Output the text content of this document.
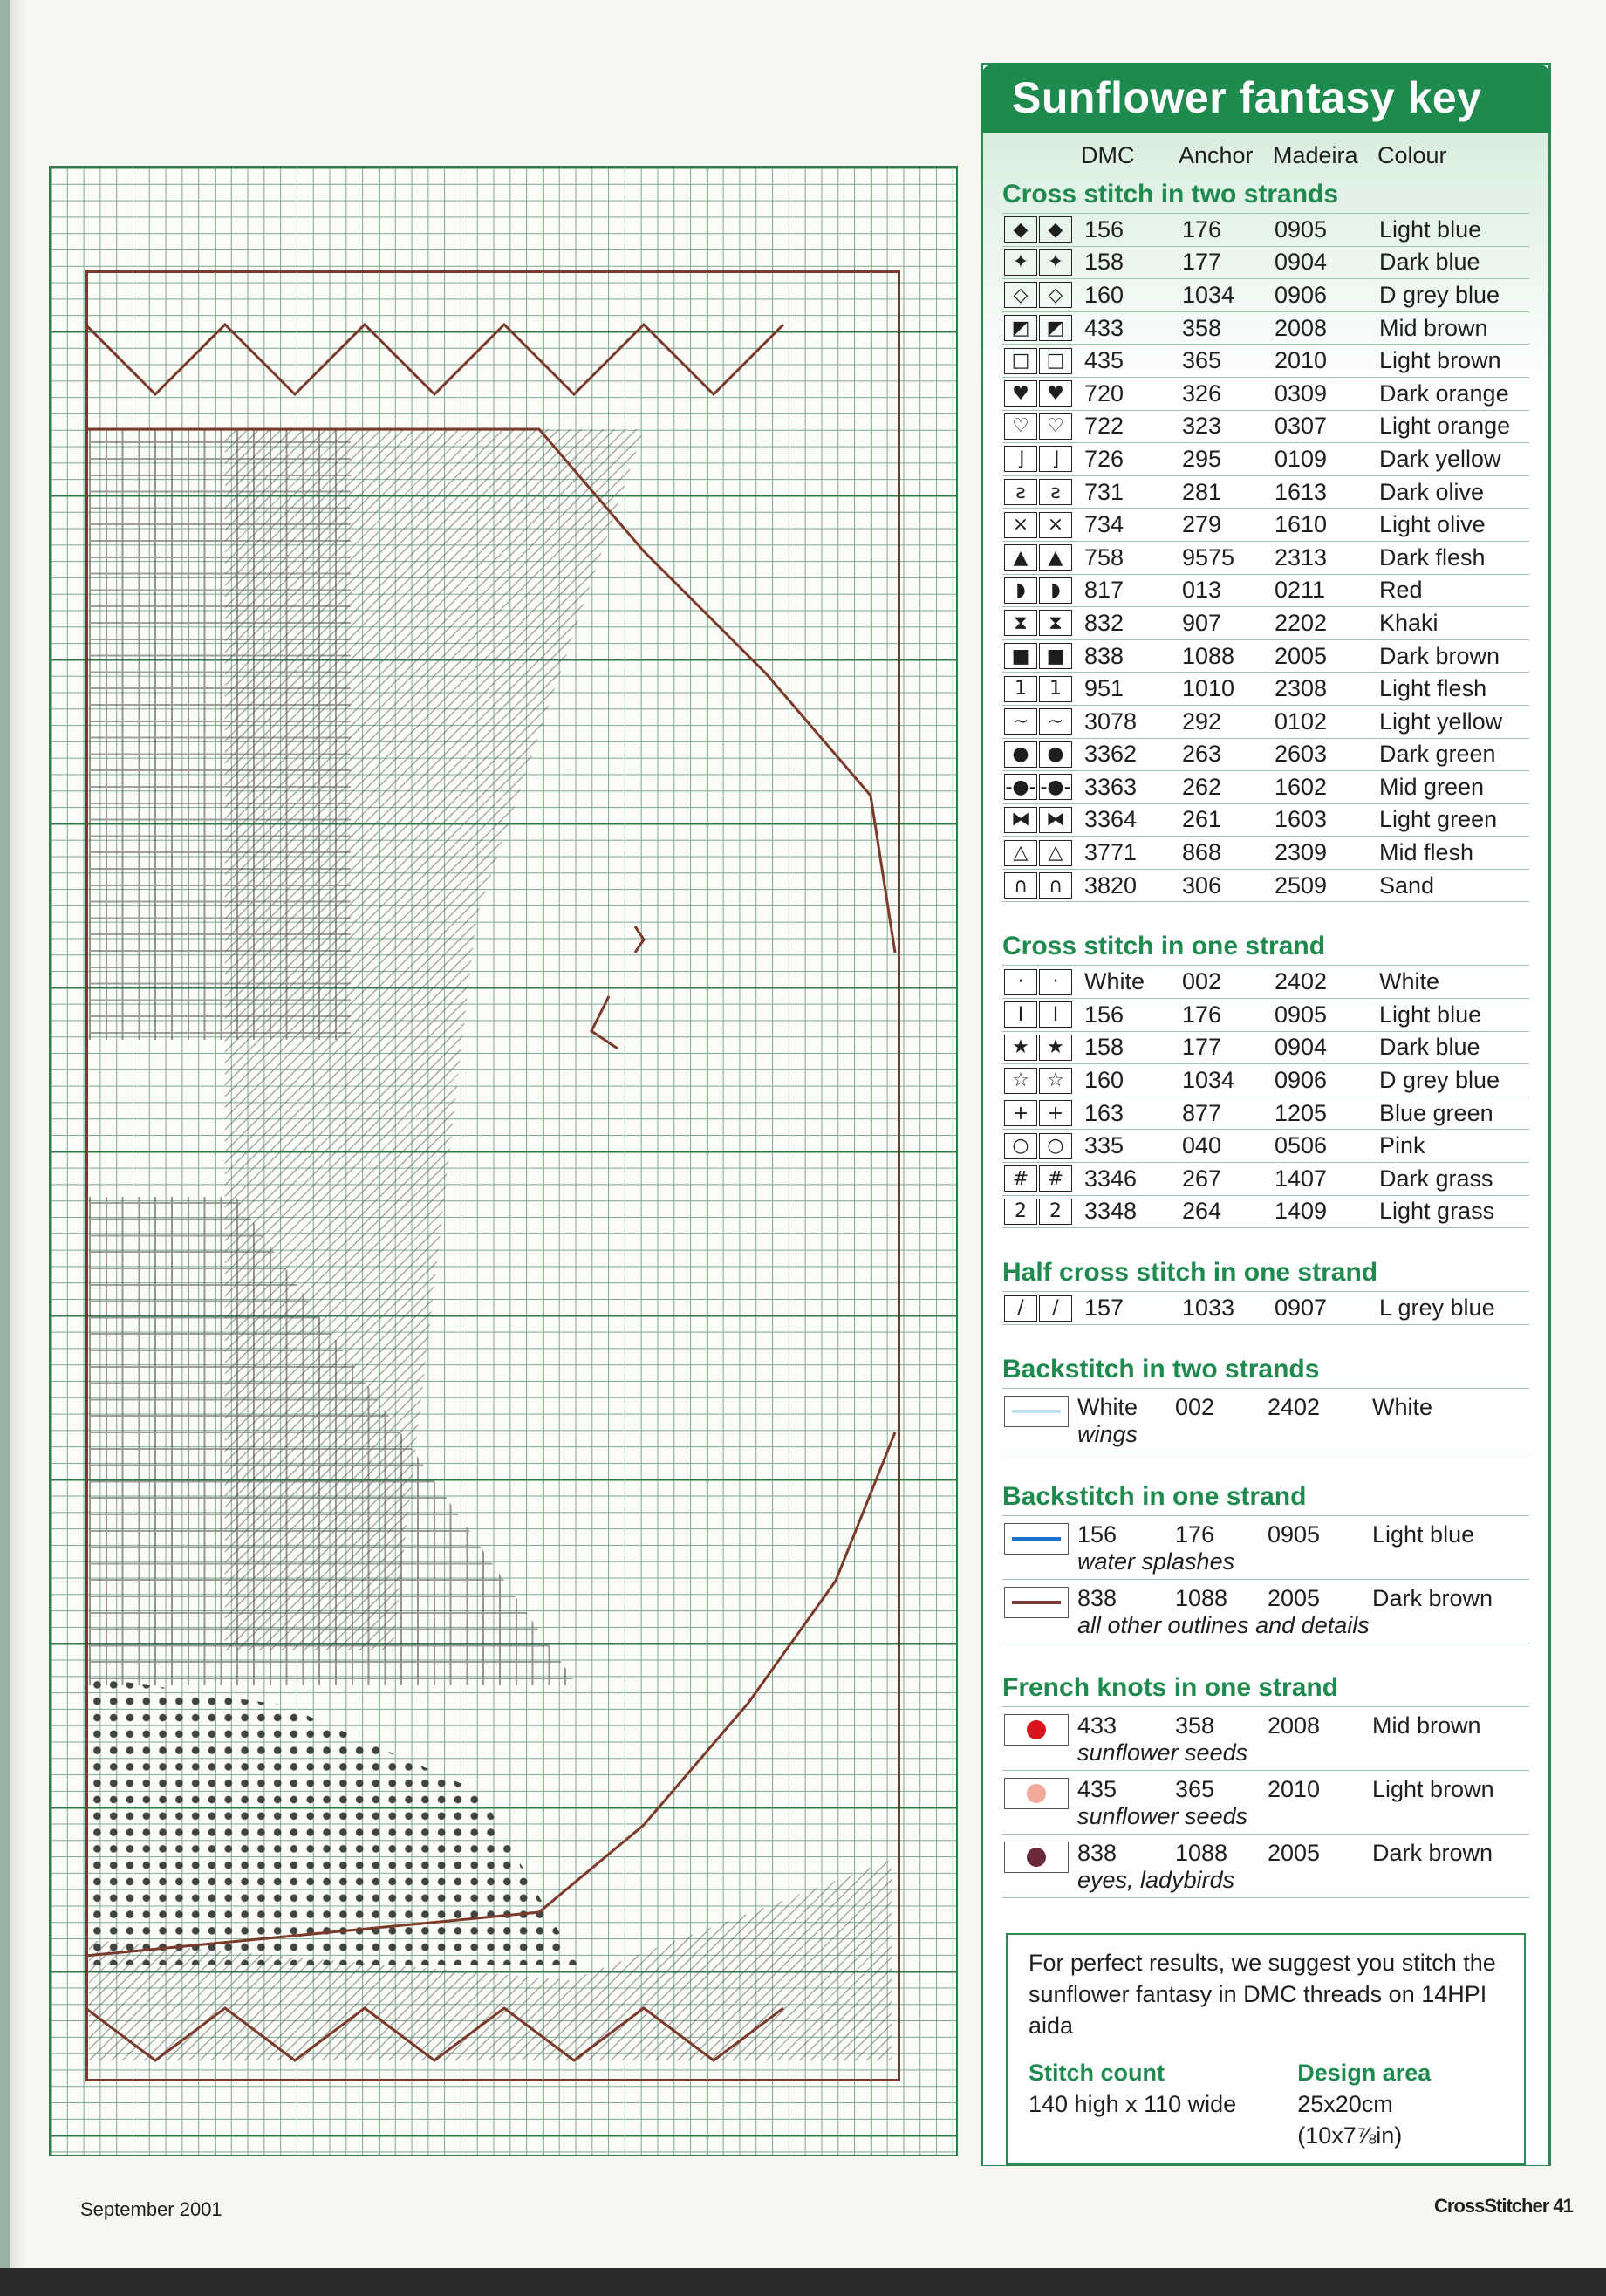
Sunflower fantasy key
DMC	Anchor Madeira Colour
Cross stitch in two strands
◆	◆ 156	176	0905	Light blue
✦ ✦ 158	177	0904	Dark blue
◇	◇ 160	1034	0906	D grey blue
◩ ◩ 433	358	2008	Mid brown
□ □ 435	365	2010	Light brown
♥ ♥ 720	326	0309	Dark orange
♡ ♡ 722	323	0307	Light orange
⌋	⌋	726	295	0109	Dark yellow
ꙅ	ꙅ	731	281	1613	Dark olive
× × 734	279	1610	Light olive
▲	▲ 758	9575	2313	Dark flesh
◗	◗	817	013	0211	Red
⧗	⧗ 832	907	2202	Khaki
■ ■ 838	1088	2005	Dark brown
1	1 951	1010	2308	Light flesh
~ ~ 3078	292	0102	Light yellow
● ● 3362	263	2603	Dark green
-●- -●- 3363	262	1602	Mid green
⧓ ⧓ 3364	261	1603	Light green
△	△ 3771	868	2309	Mid flesh
∩	∩ 3820	306	2509	Sand
Cross stitch in one strand
·	·	White	002	2402	White
I	I	156	176	0905	Light blue
★ ★ 158	177	0904	Dark blue
☆ ☆ 160	1034	0906	D grey blue
+ + 163	877	1205	Blue green
○ ○ 335	040	0506	Pink
# # 3346	267	1407	Dark grass
2	2 3348	264	1409	Light grass
Half cross stitch in one strand
/	/	157	1033	0907	L grey blue
Backstitch in two strands
White	002	2402	White
wings
Backstitch in one strand
156	176	0905	Light blue
water splashes
838	1088	2005	Dark brown
all other outlines and details
French knots in one strand
433	358	2008	Mid brown
sunflower seeds
435	365	2010	Light brown
sunflower seeds
838	1088	2005	Dark brown
eyes, ladybirds
For perfect results, we suggest you stitch the sunflower fantasy in DMC threads on 14HPI aida
Stitch count
140 high x 110 wide
Design area
25x20cm (10x7⅞in)
September 2001	CrossStitcher 41
